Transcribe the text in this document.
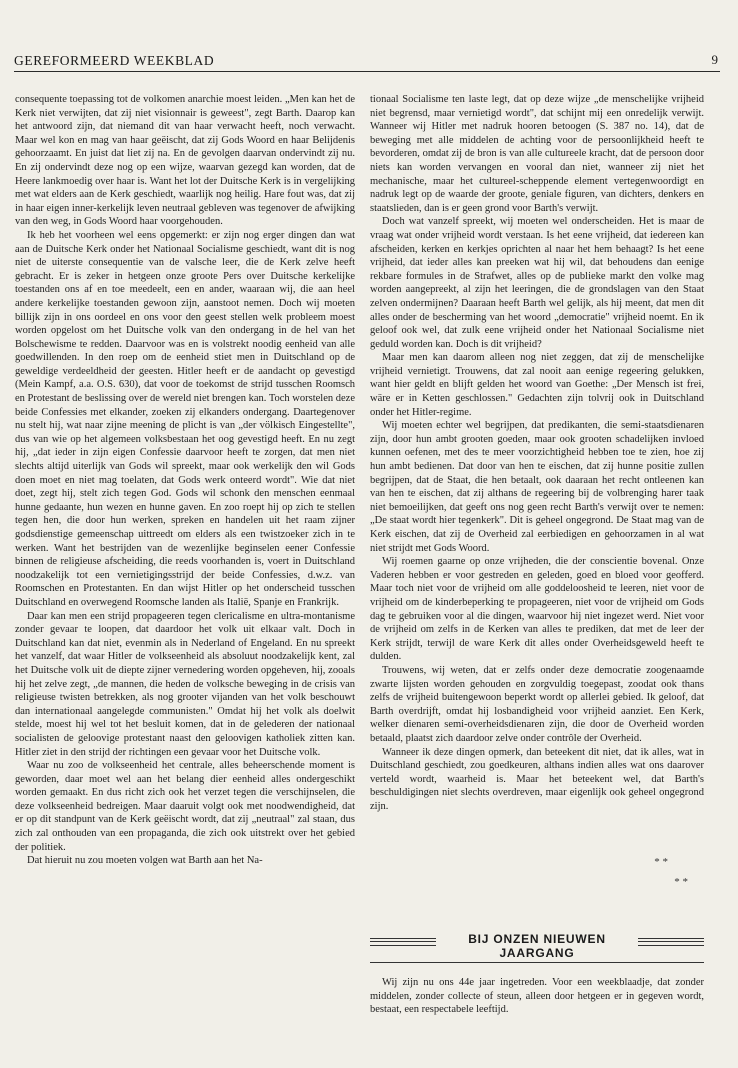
GEREFORMEERD WEEKBLAD	9

consequente toepassing tot de volkomen anarchie moest leiden. „Men kan het de Kerk niet verwijten, dat zij niet visionnair is geweest", zegt Barth. Daarop kan het antwoord zijn, dat niemand dit van haar verwacht heeft, noch verwacht. Maar wel kon en mag van haar geëischt, dat zij Gods Woord en haar Belijdenis gehoorzaamt. En juist dat liet zij na. En de gevolgen daarvan ondervindt zij nu. En zij ondervindt deze nog op een wijze, waarvan gezegd kan worden, dat de Heere lankmoedig over haar is. Want het lot der Duitsche Kerk is in vergelijking met wat elders aan de Kerk geschiedt, waarlijk nog heilig. Hare fout was, dat zij in haar eigen inner-kerkelijk leven neutraal gebleven was tegenover de afwijking van den weg, in Gods Woord haar voorgehouden.

Ik heb het voorheen wel eens opgemerkt: er zijn nog erger dingen dan wat aan de Duitsche Kerk onder het Nationaal Socialisme geschiedt, want dit is nog niet de uiterste consequentie van de valsche leer, die de Kerk zelve heeft gebracht. Er is zeker in hetgeen onze groote Pers over Duitsche kerkelijke toestanden ons af en toe meedeelt, een en ander, waaraan wij, die aan heel andere kerkelijke toestanden gewoon zijn, aanstoot nemen. Doch wij moeten billijk zijn in ons oordeel en ons voor den geest stellen welk probleem moest worden opgelost om het Duitsche volk van den ondergang in de hel van het Bolschewisme te redden. Daarvoor was en is volstrekt noodig eenheid van alle goedwillenden. In den roep om de eenheid stiet men in Duitschland op de geweldige verdeeldheid der geesten. Hitler heeft er de aandacht op gevestigd (Mein Kampf, a.a. O.S. 630), dat voor de toekomst de strijd tusschen Roomsch en Protestant de beslissing over de wereld niet brengen kan. Toch worstelen deze beide Confessies met elkander, zoeken zij elkanders ondergang. Daartegenover nu stelt hij, wat naar zijne meening de plicht is van „der völkisch Eingestellte", dus van wie op het algemeen volksbestaan het oog gevestigd heeft. En nu zegt hij, „dat ieder in zijn eigen Confessie daarvoor heeft te zorgen, dat men niet slechts altijd uiterlijk van Gods wil spreekt, maar ook werkelijk den wil Gods doen moet en niet mag toelaten, dat Gods werk onteerd wordt". Wie dat niet doet, zegt hij, stelt zich tegen God. Gods wil schonk den menschen eenmaal hunne gedaante, hun wezen en hunne gaven. En zoo roept hij op zich te stellen tegen hen, die door hun werken, spreken en handelen uit het raam zijner godsdienstige gemeenschap uittreedt om elders als een twistzoeker zich in te werken. Want het bestrijden van de wezenlijke beginselen eener Confessie binnen de religieuse afscheiding, die reeds voorhanden is, voert in Duitschland noodzakelijk tot een vernietigingsstrijd der beide Confessies, d.w.z. van Roomschen en Protestanten. En dan wijst Hitler op het onderscheid tusschen Duitschland en overwegend Roomsche landen als Italië, Spanje en Frankrijk.

Daar kan men een strijd propageeren tegen clericalisme en ultra-montanisme zonder gevaar te loopen, dat daardoor het volk uit elkaar valt. Doch in Duitschland kan dat niet, evenmin als in Nederland of Engeland. En nu spreekt het vanzelf, dat waar Hitler de volkseenheid als absoluut noodzakelijk kent, zal het Duitsche volk uit de diepte zijner vernedering worden opgeheven, hij, zooals hij het zelve zegt, „de mannen, die heden de volksche beweging in de crisis van religieuse twisten betrekken, als nog grooter vijanden van het volk beschouwt dan internationaal aangelegde communisten." Omdat hij het volk als doelwit stelde, moest hij wel tot het besluit komen, dat in de gelederen der nationaal socialisten de geloovige protestant naast den geloovigen katholiek zitten kan. Hitler ziet in den strijd der richtingen een gevaar voor het Duitsche volk.

Waar nu zoo de volkseenheid het centrale, alles beheerschende moment is geworden, daar moet wel aan het belang dier eenheid alles ondergeschikt worden gemaakt. En dus richt zich ook het verzet tegen die verschijnselen, die deze volkseenheid bedreigen. Maar daaruit volgt ook met noodwendigheid, dat er op dit standpunt van de Kerk geëischt wordt, dat zij „neutraal" zal staan, dus zich zal onthouden van een propaganda, die zich ook uitstrekt over het gebied der politiek.

Dat hieruit nu zou moeten volgen wat Barth aan het Na-

tionaal Socialisme ten laste legt, dat op deze wijze „de menschelijke vrijheid niet begrensd, maar vernietigd wordt", dat schijnt mij een onredelijk verwijt. Wanneer wij Hitler met nadruk hooren betoogen (S. 387 no. 14), dat de beweging met alle middelen de achting voor de persoonlijkheid heeft te bevorderen, omdat zij de bron is van alle cultureele kracht, dat de persoon door niets kan worden vervangen en vooral dan niet, wanneer zij niet het mechanische, maar het cultureel-scheppende element vertegenwoordigt en nadruk legt op de waarde der groote, geniale figuren, van dichters, denkers en staatslieden, dan is er geen grond voor Barth's verwijt.

Doch wat vanzelf spreekt, wij moeten wel onderscheiden. Het is maar de vraag wat onder vrijheid wordt verstaan. Is het eene vrijheid, dat iedereen kan afscheiden, kerken en kerkjes oprichten al naar het hem behaagt? Is het eene vrijheid, dat ieder alles kan preeken wat hij wil, dat behoudens dan eenige rekbare formules in de Strafwet, alles op de publieke markt den volke mag worden aangepreekt, al zijn het leeringen, die de grondslagen van den Staat zelven ondermijnen? Daaraan heeft Barth wel gelijk, als hij meent, dat men dit alles onder de bescherming van het woord „democratie" vrijheid noemt. En ik geloof ook wel, dat zulk eene vrijheid onder het Nationaal Socialisme niet geduld worden kan. Doch is dit vrijheid?

Maar men kan daarom alleen nog niet zeggen, dat zij de menschelijke vrijheid vernietigt. Trouwens, dat zal nooit aan eenige regeering gelukken, want hier geldt en blijft gelden het woord van Goethe: „Der Mensch ist frei, wäre er in Ketten geschlossen." Gedachten zijn tolvrij ook in Duitschland onder het Hitler-regime.

Wij moeten echter wel begrijpen, dat predikanten, die semi-staatsdienaren zijn, door hun ambt grooten goeden, maar ook grooten schadelijken invloed kunnen oefenen, met des te meer voorzichtigheid hebben toe te zien, hoe zij hun ambt bedienen. Dat door van hen te eischen, dat zij hunne positie zullen begrijpen, dat de Staat, die hen betaalt, ook daaraan het recht ontleenen kan van hen te eischen, dat zij althans de regeering bij de volbrenging harer taak niet bemoeilijken, dat geeft ons nog geen recht Barth's verwijt over te nemen: „De staat wordt hier tegenkerk". Dit is geheel ongegrond. De Staat mag van de Kerk eischen, dat zij de Overheid zal eerbiedigen en gehoorzamen in al wat niet strijdt met Gods Woord.

Wij roemen gaarne op onze vrijheden, die der conscientie bovenal. Onze Vaderen hebben er voor gestreden en geleden, goed en bloed voor geofferd. Maar toch niet voor de vrijheid om alle goddeloosheid te leeren, niet voor de vrijheid om de kinderbeperking te propageeren, niet voor de vrijheid om Gods dag te gebruiken voor al die dingen, waarvoor hij niet ingezet werd. Niet voor de vrijheid om zelfs in de Kerken van alles te prediken, dat met de leer der Kerk strijdt, terwijl de ware Kerk dit alles onder Overheidsgeweld heeft te dulden.

Trouwens, wij weten, dat er zelfs onder deze democratie zoogenaamde zwarte lijsten worden gehouden en zorgvuldig toegepast, zoodat ook thans zelfs de vrijheid buitengewoon beperkt wordt op allerlei gebied. Ik geloof, dat Barth overdrijft, omdat hij losbandigheid voor vrijheid aanziet. Een Kerk, welker dienaren semi-overheidsdienaren zijn, die door de Overheid worden betaald, plaatst zich daardoor zelve onder contrôle der Overheid.

Wanneer ik deze dingen opmerk, dan beteekent dit niet, dat ik alles, wat in Duitschland geschiedt, zou goedkeuren, althans indien alles wat ons daarover verteld wordt, waarheid is. Maar het beteekent wel, dat Barth's beschuldigingen niet slechts overdreven, maar eigenlijk ook geheel ongegrond zijn.

* *
* *
BIJ ONZEN NIEUWEN JAARGANG

Wij zijn nu ons 44e jaar ingetreden. Voor een weekblaadje, dat zonder middelen, zonder collecte of steun, alleen door hetgeen er in gegeven wordt, bestaat, een respectabele leeftijd.
